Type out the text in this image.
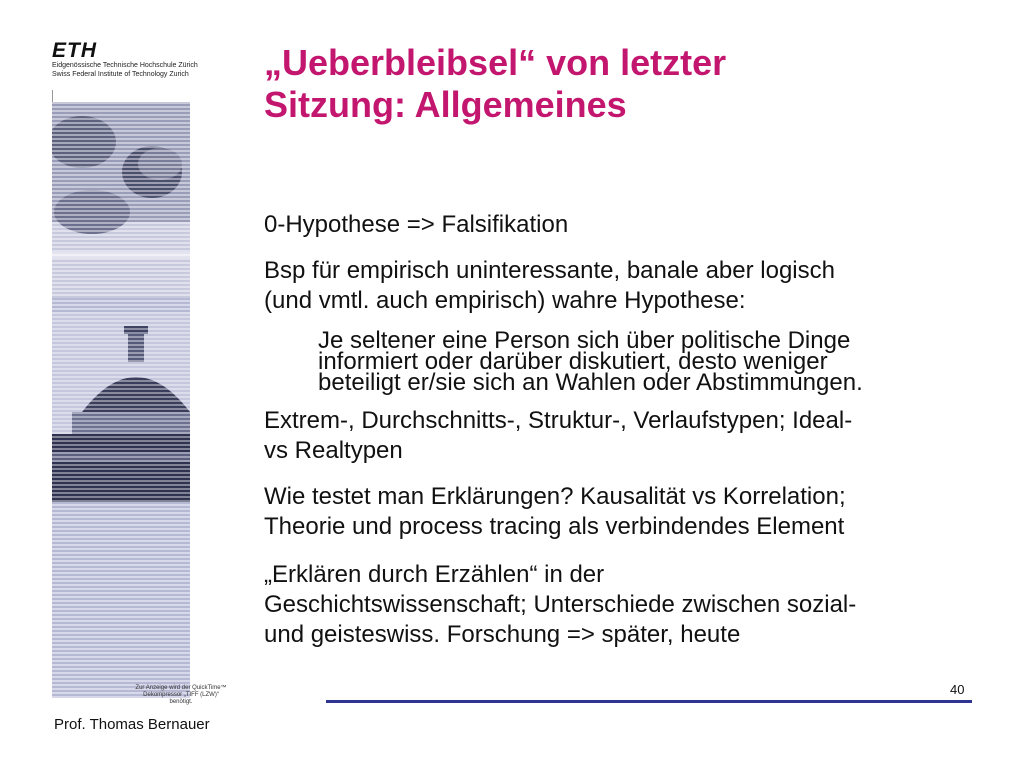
ETH
Eidgenössische Technische Hochschule Zürich
Swiss Federal Institute of Technology Zurich
Zur Anzeige wird der QuickTime™
Dekompressor „TIFF (LZW)“
benötigt.
„Ueberbleibsel“ von letzter
Sitzung: Allgemeines
0-Hypothese => Falsifikation
Bsp für empirisch uninteressante, banale aber logisch
(und vmtl. auch empirisch) wahre Hypothese:
Je seltener eine Person sich über politische Dinge
informiert oder darüber diskutiert, desto weniger
beteiligt er/sie sich an Wahlen oder Abstimmungen.
Extrem-, Durchschnitts-, Struktur-, Verlaufstypen; Ideal-
vs Realtypen
Wie testet man Erklärungen? Kausalität vs Korrelation;
Theorie und process tracing als verbindendes Element
„Erklären durch Erzählen“ in der
Geschichtswissenschaft; Unterschiede zwischen sozial-
und geisteswiss. Forschung => später, heute
40
Prof. Thomas Bernauer
